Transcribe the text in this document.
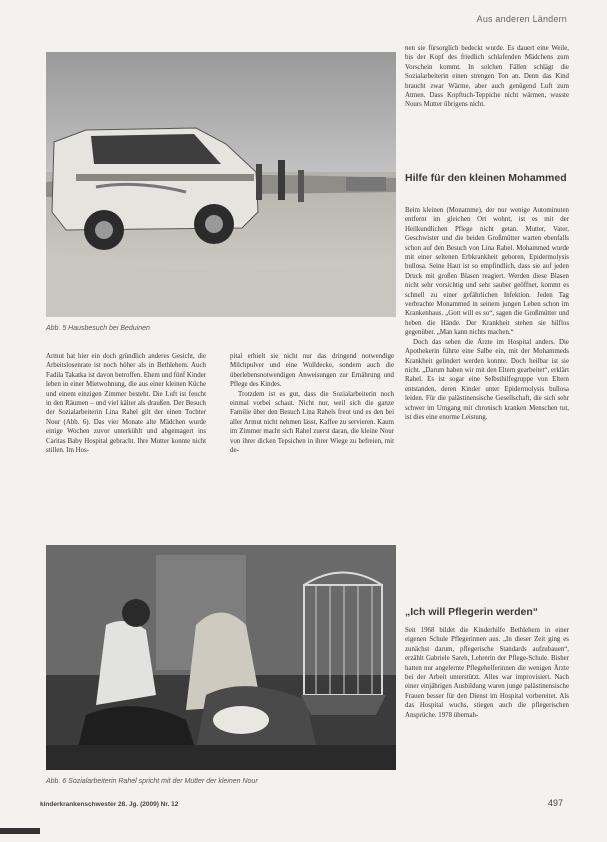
Aus anderen Ländern
Abb. 5 Hausbesuch bei Beduinen
Armut hat hier ein doch gründlich anderes Gesicht, die Arbeitslosenrate ist noch höher als in Bethlehem. Auch Fadila Takatka ist davon betroffen. Ehem und fünf Kinder leben in einer Mietwohnung, die aus einer kleinen Küche und einem einzigen Zimmer besteht. Die Luft ist feucht in den Räumen – und viel kälter als draußen. Der Besuch der Sozialarbeiterin Lina Rahel gilt der einen Tochter Nour (Abb. 6). Das vier Monate alte Mädchen wurde einige Wochen zuvor unterkühlt und abgemagert ins Caritas Baby Hospital gebracht. Ihre Mutter konnte nicht stillen. Im Hos-

pital erhielt sie nicht nur das dringend notwendige Milchpulver und eine Wolldecke, sondern auch die überlebensnotwendigen Anweisungen zur Ernährung und Pflege des Kindes.

Trotzdem ist es gut, dass die Sozialarbeiterin noch einmal vorbei schaut. Nicht nur, weil sich die ganze Familie über den Besuch Lina Rahels freut und es den bei aller Armut nicht nehmen lässt, Kaffee zu servieren. Kaum im Zimmer macht sich Rahel zuerst daran, die kleine Nour von ihrer dicken Tepsichen in ihrer Wiege zu befreien, mit de-

Abb. 6 Sozialarbeiterin Rahel spricht mit der Mutter der kleinen Nour

nen sie fürsorglich bedeckt wurde. Es dauert eine Weile, bis der Kopf des friedlich schlafenden Mädchens zum Vorschein kommt. In solchen Fällen schlägt die Sozialarbeiterin einen strengen Ton an. Denn das Kind braucht zwar Wärme, aber auch genügend Luft zum Atmen. Dass Kopftuch-Teppiche nicht wärmen, wusste Nours Mutter übrigens nicht.

Hilfe für den kleinen Mohammed

Beim kleinen (Monamme), der nur wenige Autominuten entfernt im gleichen Ort wohnt, ist es mit der Heilkundlichen Pflege nicht getan. Mutter, Vater, Geschwister und die beiden Großmütter warten ebenfalls schon auf den Besuch von Lina Rahel. Mohammed wurde mit einer seltenen Erbkrankheit geboren, Epidermolysis bullosa. Seine Haut ist so empfindlich, dass sie auf jeden Druck mit großen Blasen reagiert. Werden diese Blasen nicht sehr vorsichtig und sehr sauber geöffnet, kommt es schnell zu einer gefährlichen Infektion. Jeden Tag verbrachte Monammed in seinem jungen Leben schon im Krankenhaus. „Gott will es so“, sagen die Großmütter und heben die Hände. Der Krankheit stehen sie hilflos gegenüber. „Man kann nichts machen.“

Doch das sehen die Ärzte im Hospital anders. Die Apothekerin führte eine Salbe ein, mit der Mohammeds Krankheit gelindert werden konnte. Doch heilbar ist sie nicht. „Darum haben wir mit den Eltern gearbeitet“, erklärt Rahel. Es ist sogar eine Selbsthilfegruppe von Eltern entstanden, deren Kinder unter Epidermolysis bullosa leiden. Für die palästinensische Gesellschaft, die sich sehr schwer im Umgang mit chronisch kranken Menschen tut, ist dies eine enorme Leistung.

„Ich will Pflegerin werden“

Seit 1968 bildet die Kinderhilfe Bethlehem in einer eigenen Schule Pflegerinnen aus. „In dieser Zeit ging es zunächst darum, pflegerische Standards aufzubauen“, erzählt Gabriele Sareh, Lehrerin der Pflege-Schule. Bisher hatten nur angelernte Pflegehelferinnen die wenigen Ärzte bei der Arbeit unterstützt. Alles war improvisiert. Nach einer einjährigen Ausbildung waren junge palästinensische Frauen besser für den Dienst im Hospital vorbereitet. Als das Hospital wuchs, stiegen auch die pflegerischen Ansprüche. 1978 übernah-

kinderkrankenschwester 28. Jg. (2009) Nr. 12	497
